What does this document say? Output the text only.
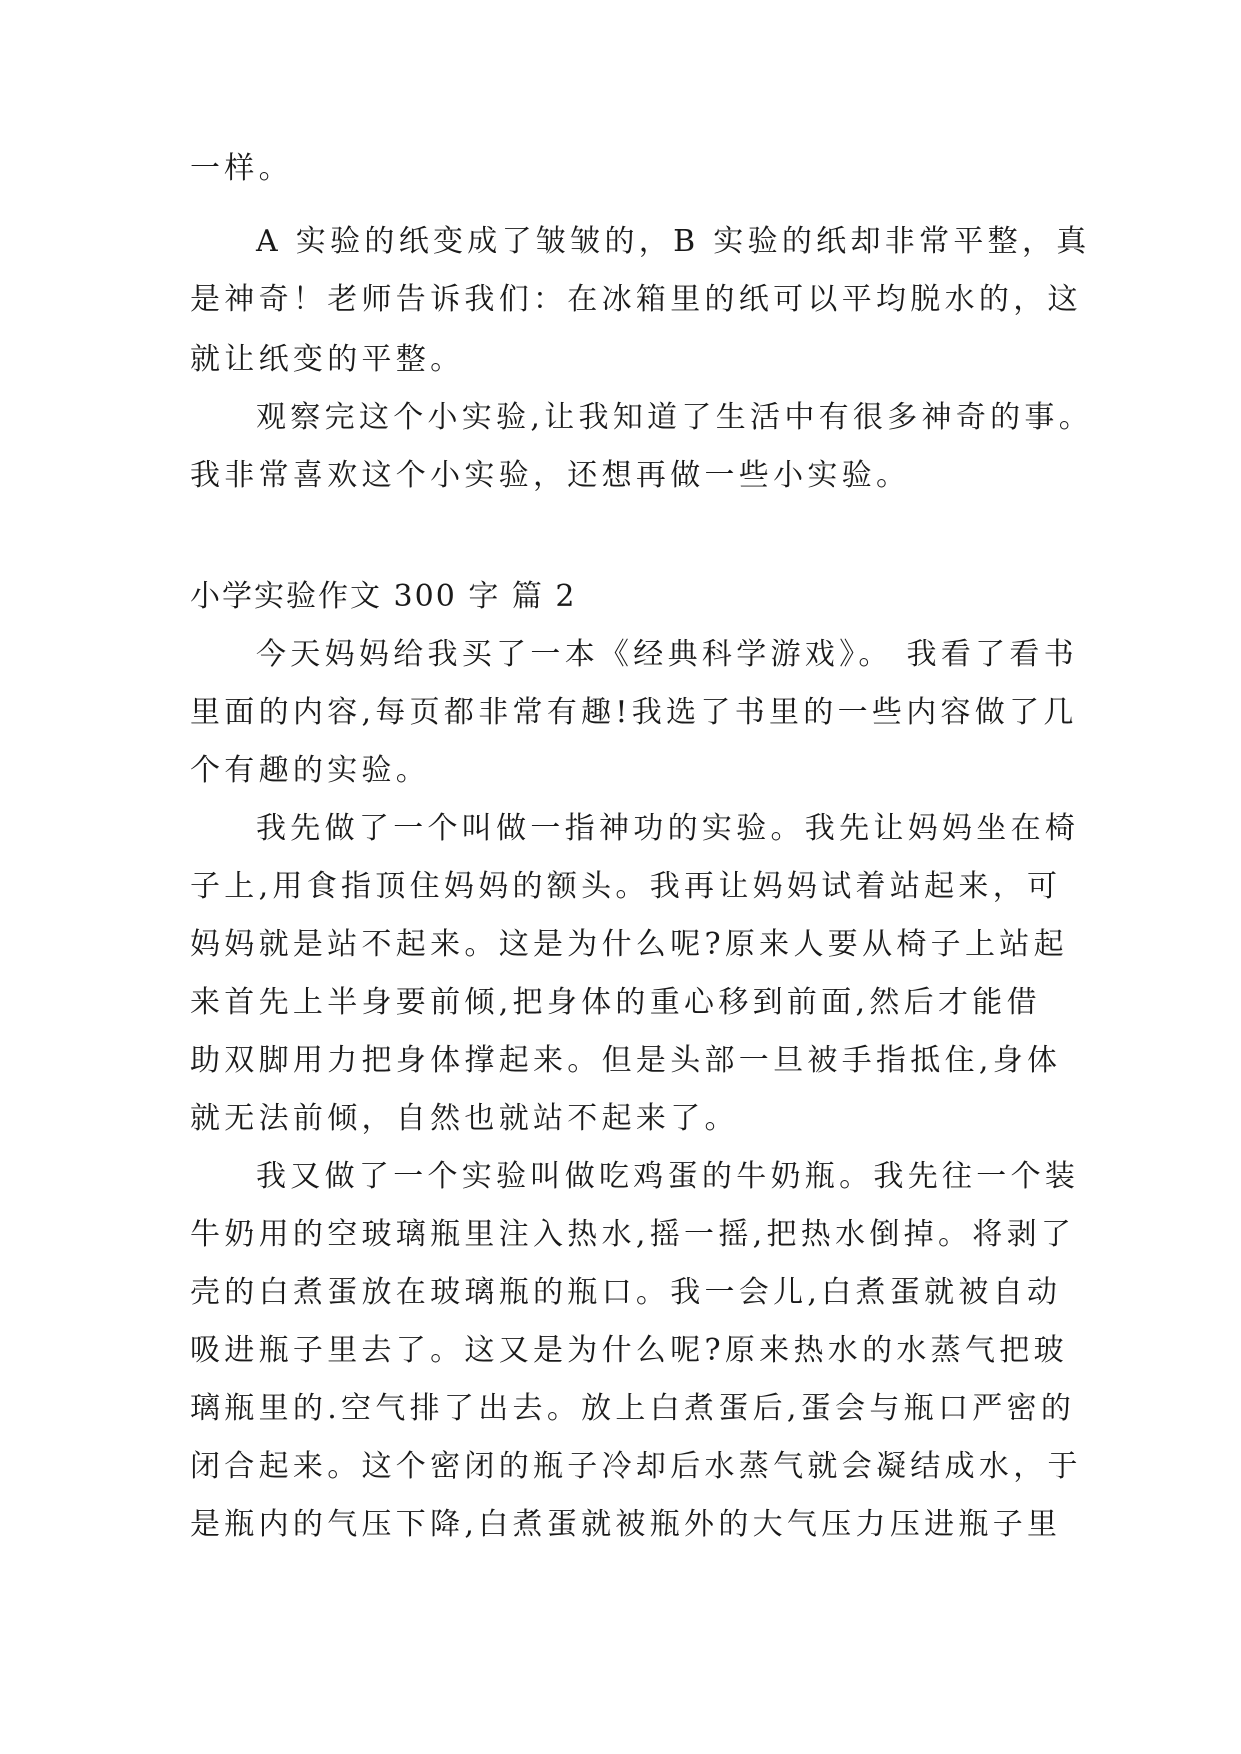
一样。
A 实验的纸变成了皱皱的，B 实验的纸却非常平整，真
是神奇！老师告诉我们：在冰箱里的纸可以平均脱水的，这
就让纸变的平整。
观察完这个小实验,让我知道了生活中有很多神奇的事。
我非常喜欢这个小实验，还想再做一些小实验。
小学实验作文 300 字 篇 2
今天妈妈给我买了一本《经典科学游戏》。 我看了看书
里面的内容,每页都非常有趣!我选了书里的一些内容做了几
个有趣的实验。
我先做了一个叫做一指神功的实验。我先让妈妈坐在椅
子上,用食指顶住妈妈的额头。我再让妈妈试着站起来，可
妈妈就是站不起来。这是为什么呢?原来人要从椅子上站起
来首先上半身要前倾,把身体的重心移到前面,然后才能借
助双脚用力把身体撑起来。但是头部一旦被手指抵住,身体
就无法前倾，自然也就站不起来了。
我又做了一个实验叫做吃鸡蛋的牛奶瓶。我先往一个装
牛奶用的空玻璃瓶里注入热水,摇一摇,把热水倒掉。将剥了
壳的白煮蛋放在玻璃瓶的瓶口。我一会儿,白煮蛋就被自动
吸进瓶子里去了。这又是为什么呢?原来热水的水蒸气把玻
璃瓶里的.空气排了出去。放上白煮蛋后,蛋会与瓶口严密的
闭合起来。这个密闭的瓶子冷却后水蒸气就会凝结成水，于
是瓶内的气压下降,白煮蛋就被瓶外的大气压力压进瓶子里
